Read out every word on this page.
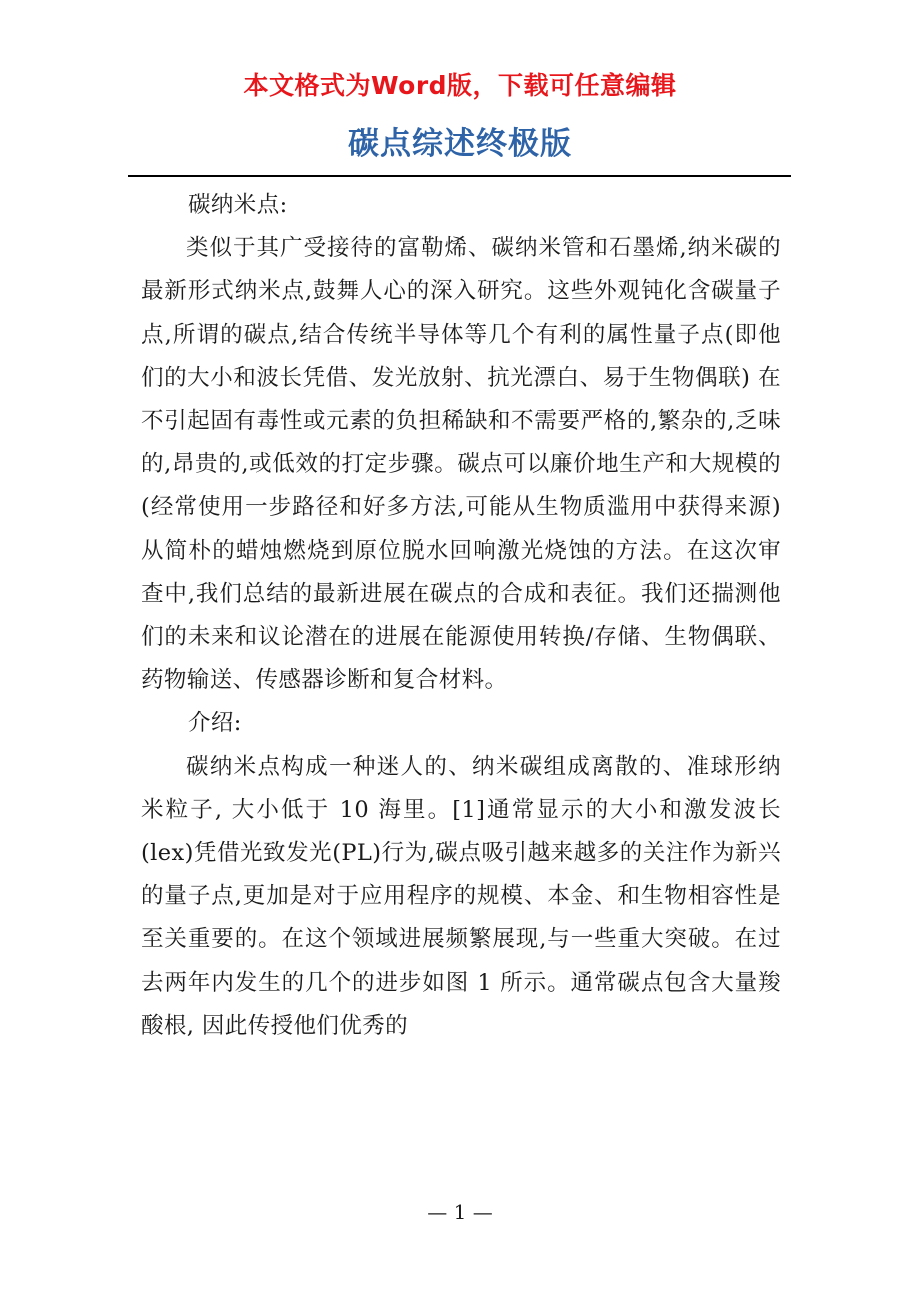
本文格式为Word版，下载可任意编辑
碳点综述终极版

碳纳米点:

类似于其广受接待的富勒烯、碳纳米管和石墨烯,纳米碳的最新形式纳米点,鼓舞人心的深入研究。这些外观钝化含碳量子点,所谓的碳点,结合传统半导体等几个有利的属性量子点(即他们的大小和波长凭借、发光放射、抗光漂白、易于生物偶联) 在不引起固有毒性或元素的负担稀缺和不需要严格的,繁杂的,乏味的,昂贵的,或低效的打定步骤。碳点可以廉价地生产和大规模的(经常使用一步路径和好多方法,可能从生物质滥用中获得来源)从简朴的蜡烛燃烧到原位脱水回响激光烧蚀的方法。在这次审查中,我们总结的最新进展在碳点的合成和表征。我们还揣测他们的未来和议论潜在的进展在能源使用转换/存储、生物偶联、药物输送、传感器诊断和复合材料。

介绍:

碳纳米点构成一种迷人的、纳米碳组成离散的、准球形纳米粒子, 大小低于 10 海里。[1]通常显示的大小和激发波长(lex)凭借光致发光(PL)行为,碳点吸引越来越多的关注作为新兴的量子点,更加是对于应用程序的规模、本金、和生物相容性是至关重要的。在这个领域进展频繁展现,与一些重大突破。在过去两年内发生的几个的进步如图 1 所示。通常碳点包含大量羧酸根, 因此传授他们优秀的

— 1 —
